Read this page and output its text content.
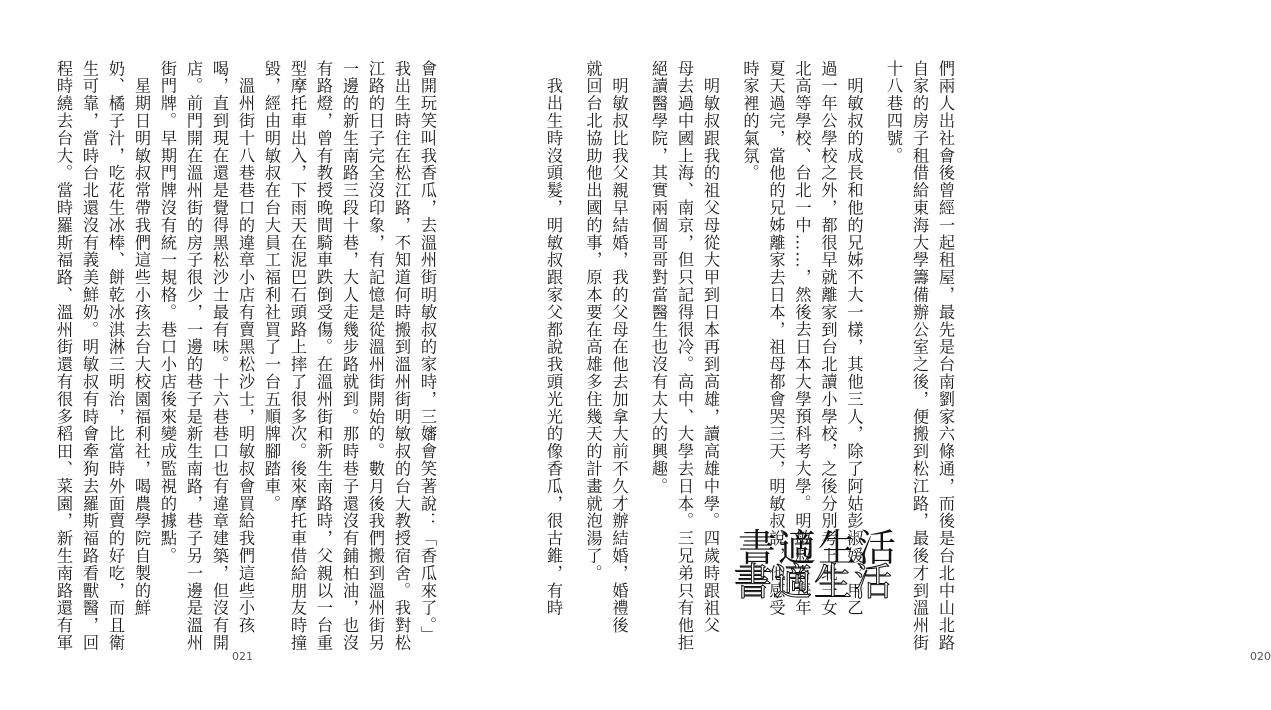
會開玩笑叫我香瓜，去溫州街明敏叔的家時，三嬸會笑著說：「香瓜來了。」
我出生時住在松江路，不知道何時搬到溫州街明敏叔的台大教授宿舍。我對松
江路的日子完全沒印象，有記憶是從溫州街開始的。數月後我們搬到溫州街另
一邊的新生南路三段十巷，大人走幾步路就到。那時巷子還沒有鋪柏油，也沒
有路燈，曾有教授晚間騎車跌倒受傷。在溫州街和新生南路時，父親以一台重
型摩托車出入，下雨天在泥巴石頭路上摔了很多次。後來摩托車借給朋友時撞
毀，經由明敏叔在台大員工福利社買了一台五順牌腳踏車。
　溫州街十八巷巷口的違章小店有賣黑松沙士，明敏叔會買給我們這些小孩
喝，直到現在還是覺得黑松沙士最有味。十六巷巷口也有違章建築，但沒有開
店。前門開在溫州街的房子很少，一邊的巷子是新生南路，巷子另一邊是溫州
街門牌。早期門牌沒有統一規格。巷口小店後來變成監視的據點。
　星期日明敏叔常帶我們這些小孩去台大校園福利社，喝農學院自製的鮮
奶、橘子汁，吃花生冰棒、餅乾冰淇淋三明治，比當時外面賣的好吃，而且衛
生可靠，當時台北還沒有義美鮮奶。明敏叔有時會牽狗去羅斯福路看獸醫，回
程時繞去台大。當時羅斯福路、溫州街還有很多稻田、菜園，新生南路還有軍
021
們兩人出社會後曾經一起租屋，最先是台南劉家六條通，而後是台北中山北路
自家的房子租借給東海大學籌備辦公室之後，便搬到松江路，最後才到溫州街
十八巷四號。
　明敏叔的成長和他的兄姊不大一樣，其他三人，除了阿姑彭淑媛，甲乙
過一年公學校之外，都很早就離家到台北讀小學校，之後分別考上北一女
北高等學校、台北一中……，然後去日本大學預科考大學。明敏叔有每年
夏天過完，當他的兄姊離家去日本，祖母都會哭三天，明敏叔說，他感受
時家裡的氣氛。
　明敏叔跟我的祖父母從大甲到日本再到高雄，讀高雄中學。四歲時跟祖父
母去過中國上海、南京，但只記得很冷。高中、大學去日本。三兄弟只有他拒
絕讀醫學院，其實兩個哥哥對當醫生也沒有太大的興趣。
　明敏叔比我父親早結婚，我的父母在他去加拿大前不久才辦結婚，婚禮後
就回台北協助他出國的事，原本要在高雄多住幾天的計畫就泡湯了。
　我出生時沒頭髮，明敏叔跟家父都說我頭光光的像香瓜，很古錐，有時
020
書適生活
書適生活
